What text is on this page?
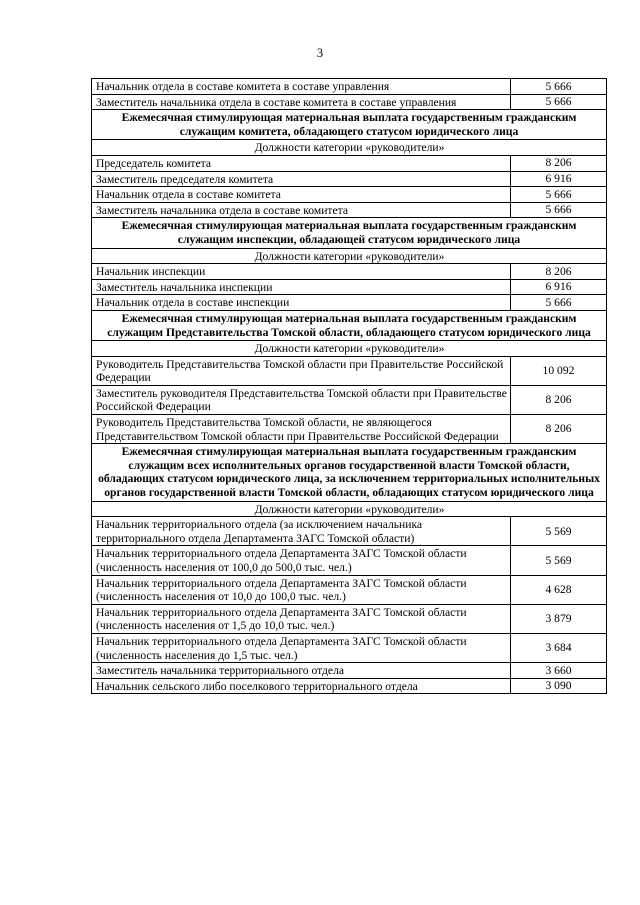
3
Начальник отдела в составе комитета в составе управления	5 666
Заместитель начальника отдела в составе комитета в составе управления	5 666
Ежемесячная стимулирующая материальная выплата государственным гражданским служащим комитета, обладающего статусом юридического лица	
Должности категории «руководители»	
Председатель комитета	8 206
Заместитель председателя комитета	6 916
Начальник отдела в составе комитета	5 666
Заместитель начальника отдела в составе комитета	5 666
Ежемесячная стимулирующая материальная выплата государственным гражданским служащим инспекции, обладающей статусом юридического лица	
Должности категории «руководители»	
Начальник инспекции	8 206
Заместитель начальника инспекции	6 916
Начальник отдела в составе инспекции	5 666
Ежемесячная стимулирующая материальная выплата государственным гражданским служащим Представительства Томской области, обладающего статусом юридического лица	
Должности категории «руководители»	
Руководитель Представительства Томской области при Правительстве Российской Федерации	10 092
Заместитель руководителя Представительства Томской области при Правительстве Российской Федерации	8 206
Руководитель Представительства Томской области, не являющегося Представительством Томской области при Правительстве Российской Федерации	8 206
Ежемесячная стимулирующая материальная выплата государственным гражданским служащим всех исполнительных органов государственной власти Томской области, обладающих статусом юридического лица, за исключением территориальных исполнительных органов государственной власти Томской области, обладающих статусом юридического лица	
Должности категории «руководители»	
Начальник территориального отдела (за исключением начальника территориального отдела Департамента ЗАГС Томской области)	5 569
Начальник территориального отдела Департамента ЗАГС Томской области (численность населения от 100,0 до 500,0 тыс. чел.)	5 569
Начальник территориального отдела Департамента ЗАГС Томской области (численность населения от 10,0 до 100,0 тыс. чел.)	4 628
Начальник территориального отдела Департамента ЗАГС Томской области (численность населения от 1,5 до 10,0 тыс. чел.)	3 879
Начальник территориального отдела Департамента ЗАГС Томской области (численность населения до 1,5 тыс. чел.)	3 684
Заместитель начальника территориального отдела	3 660
Начальник сельского либо поселкового территориального отдела	3 090
